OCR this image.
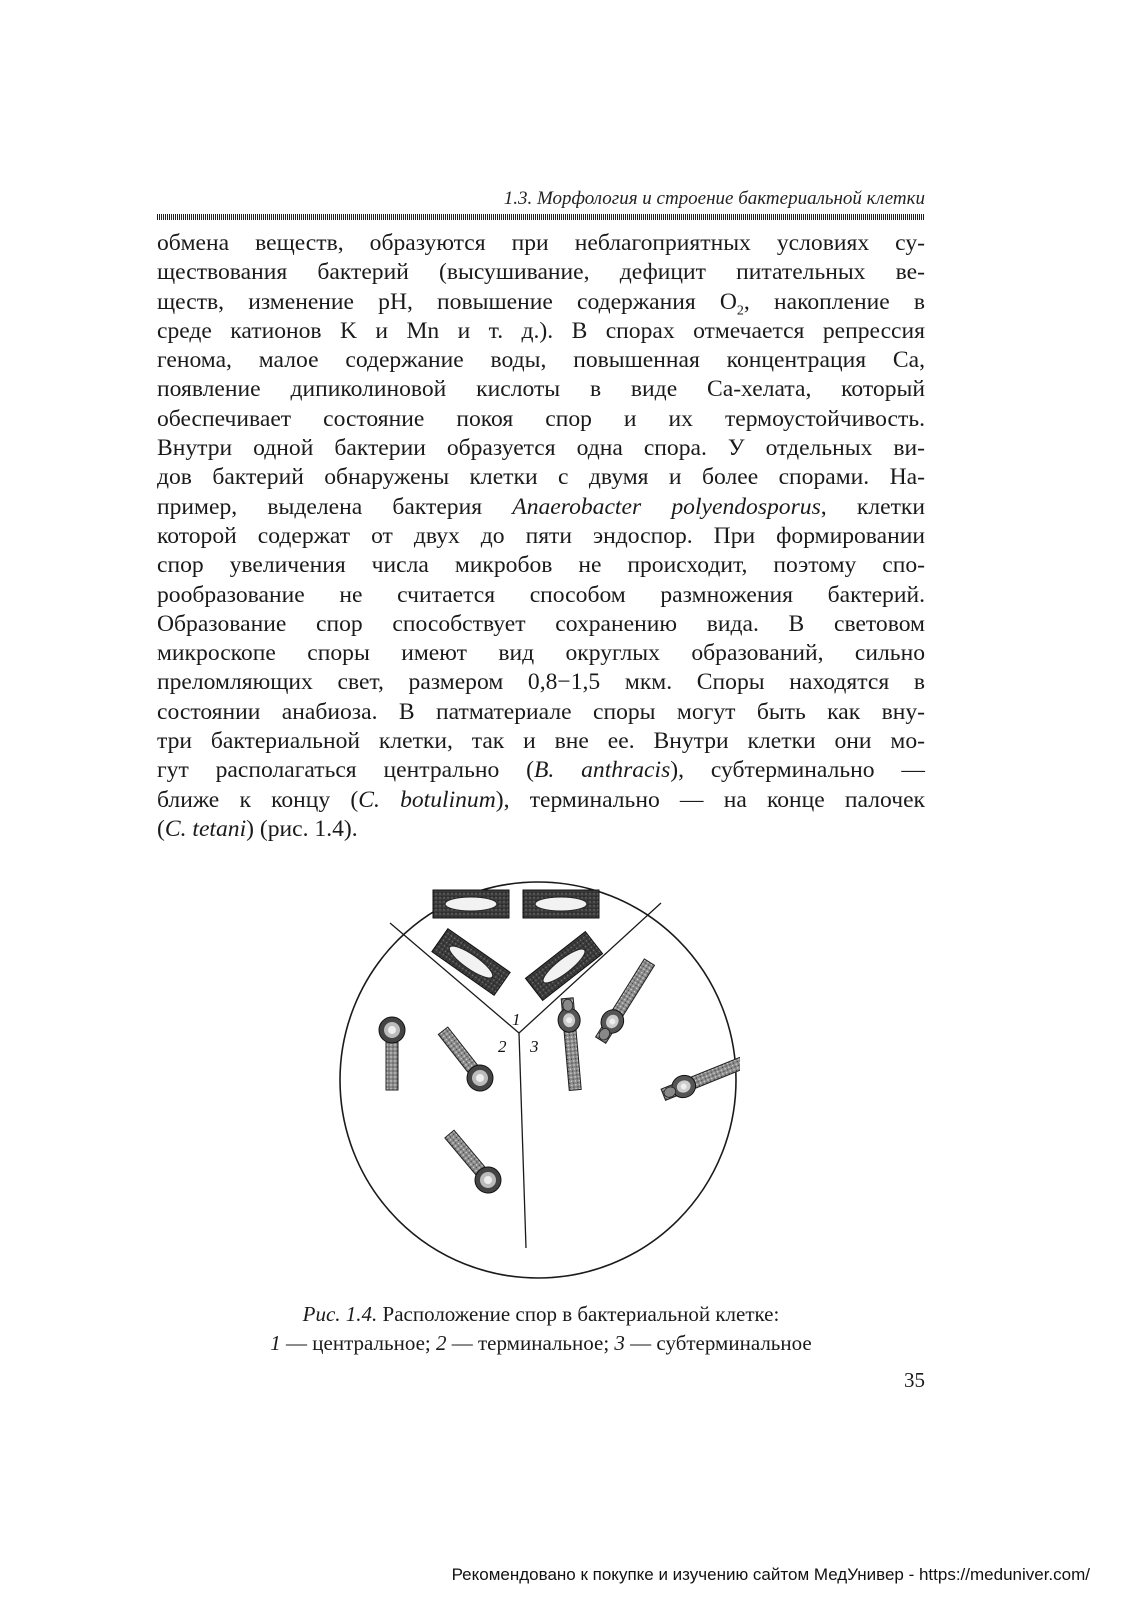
1.3. Морфология и строение бактериальной клетки
обмена веществ, образуются при неблагоприятных условиях су-
ществования бактерий (высушивание, дефицит питательных ве-
ществ, изменение pH, повышение содержания $O_2$, накопление в
среде катионов K и Mn и т. д.). В спорах отмечается репрессия
генома, малое содержание воды, повышенная концентрация Ca,
появление дипиколиновой кислоты в виде Ca-хелата, который
обеспечивает состояние покоя спор и их термоустойчивость.
Внутри одной бактерии образуется одна спора. У отдельных ви-
дов бактерий обнаружены клетки с двумя и более спорами. На-
пример, выделена бактерия Anaerobacter polyendosporus, клетки
которой содержат от двух до пяти эндоспор. При формировании
спор увеличения числа микробов не происходит, поэтому спо-
рообразование не считается способом размножения бактерий.
Образование спор способствует сохранению вида. В световом
микроскопе споры имеют вид округлых образований, сильно
преломляющих свет, размером 0,8−1,5 мкм. Споры находятся в
состоянии анабиоза. В патматериале споры могут быть как вну-
три бактериальной клетки, так и вне ее. Внутри клетки они мо-
гут располагаться центрально (B. anthracis), субтерминально —
ближе к концу (C. botulinum), терминально — на конце палочек
(C. tetani) (рис. 1.4).
1
2 3
Рис. 1.4. Расположение спор в бактериальной клетке:
1 — центральное; 2 — терминальное; 3 — субтерминальное
35
Рекомендовано к покупке и изучению сайтом МедУнивер - https://meduniver.com/
